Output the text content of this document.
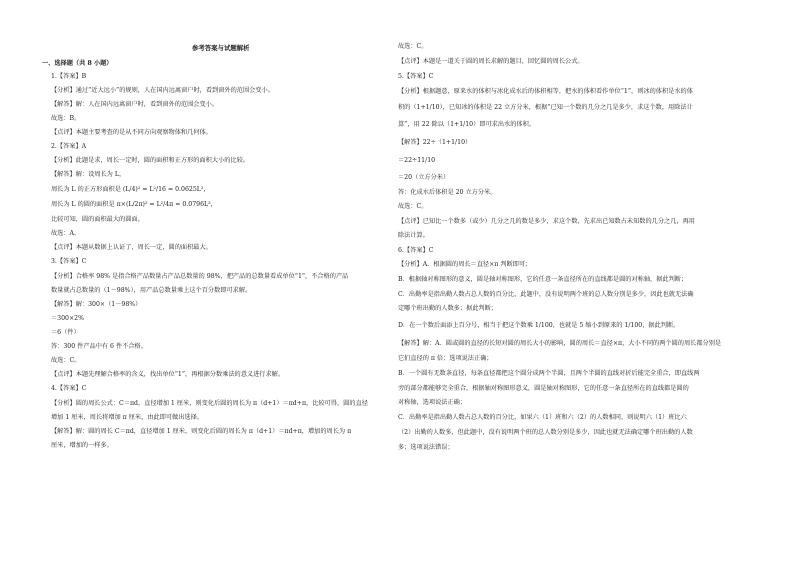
参考答案与试题解析
一、选择题（共 8 小题）
1.【答案】B
【分析】通过“近大远小”的规则，人在国内远离窗户时，看到窗外的范围会变小。
【解答】解：人在国内远离窗户时，看到窗外的范围会变小。
故选：B。
【点评】本题主要考查的是从不同方向观察物体和几何体。
2.【答案】A
【分析】此题是求，周长一定时，圆的面积和正方形的面积大小的比较。
【解答】解：设周长为 L，
周长为 L 的正方形面积是 (L/4)² = L²/16 = 0.0625L²，
周长为 L 的圆的面积是 π×(L/2π)² = L²/4π ≈ 0.0796L²，
比较可知，圆的面积最大的圆面。
故选：A。
【点评】本题从数据上认证了，周长一定，圆的面积最大。
3.【答案】C
【分析】合格率 98% 是指合格产品数量占产品总数量的 98%，把产品的总数量看成单位“1”，不合格的产品
数量就占总数量的（1－98%），用产品总数量乘上这个百分数即可求解。
【解答】解：300×（1－98%）
＝300×2%
＝6（件）
答：300 件产品中有 6 件不合格。
故选：C。
【点评】本题先理解合格率的含义，找出单位“1”，再根据分数乘法的意义进行求解。
4.【答案】C
【分析】圆的周长公式：C＝πd，直径增加 1 厘米，则变化后圆的周长为 π（d+1）＝πd+π，比较可得，圆的直径
增加 1 厘米，周长将增加 π 厘米，由此即可做出选择。
【解答】解：圆的周长 C＝πd，直径增加 1 厘米，则变化后圆的周长为 π（d+1）＝πd+π，增加的周长为 π
厘米，增加的一样多。
故选：C。
【点评】本题是一道关于圆的周长求解的题目，回忆圆的周长公式。
5.【答案】C
【分析】根据题意，原来水的体积与冰化成水后的体积相等，把水的体积看作单位“1”，则冰的体积是水的体
积的（1+1/10），已知冰的体积是 22 立方分米，根据“已知一个数的几分之几是多少，求这个数，用除法计
算”，用 22 除以（1+1/10）即可求出水的体积。
【解答】22÷（1+1/10）
＝22÷11/10
＝20（立方分米）
答：化成水后体积是 20 立方分米。
故选：C。
【点评】已知比一个数多（或少）几分之几的数是多少，求这个数，先求出已知数占未知数的几分之几，再用
除法计算。
6.【答案】C
【分析】A．根据圆的周长＝直径×π 判断即可；
B．根据轴对称图形的意义，圆是轴对称图形，它的任意一条直径所在的直线都是圆的对称轴，据此判断；
C．出勤率是指出勤人数占总人数的百分比，此题中，没有说明两个班的总人数分别是多少，因此也就无法确
定哪个班出勤的人数多；据此判断；
D．在一个数后面添上百分号，相当于把这个数乘 1/100，也就是 5 缩小到原来的 1/100，据此判断。
【解答】解：A．圆或圆的直径的长短对圆的周长大小的影响，圆的周长＝直径×π，大小不同的两个圆的周长都分别是
它们直径的 π 倍；选项说法正确；
B．一个圆有无数条直径，每条直径都把这个圆分成两个半圆，且两个半圆的直线对折后能完全重合，即直线两
旁的部分都能够完全重合，根据轴对称图形意义，圆是轴对称图形，它的任意一条直径所在的直线都是圆的
对称轴，选项说法正确；
C．出勤率是指出勤人数占总人数的百分比，如果六（1）班和六（2）的人数相同，则说明六（1）班比六
（2）出勤的人数多，但此题中，没有说明两个班的总人数分别是多少，因此也就无法确定哪个班出勤的人数
多；选项说法错误；
